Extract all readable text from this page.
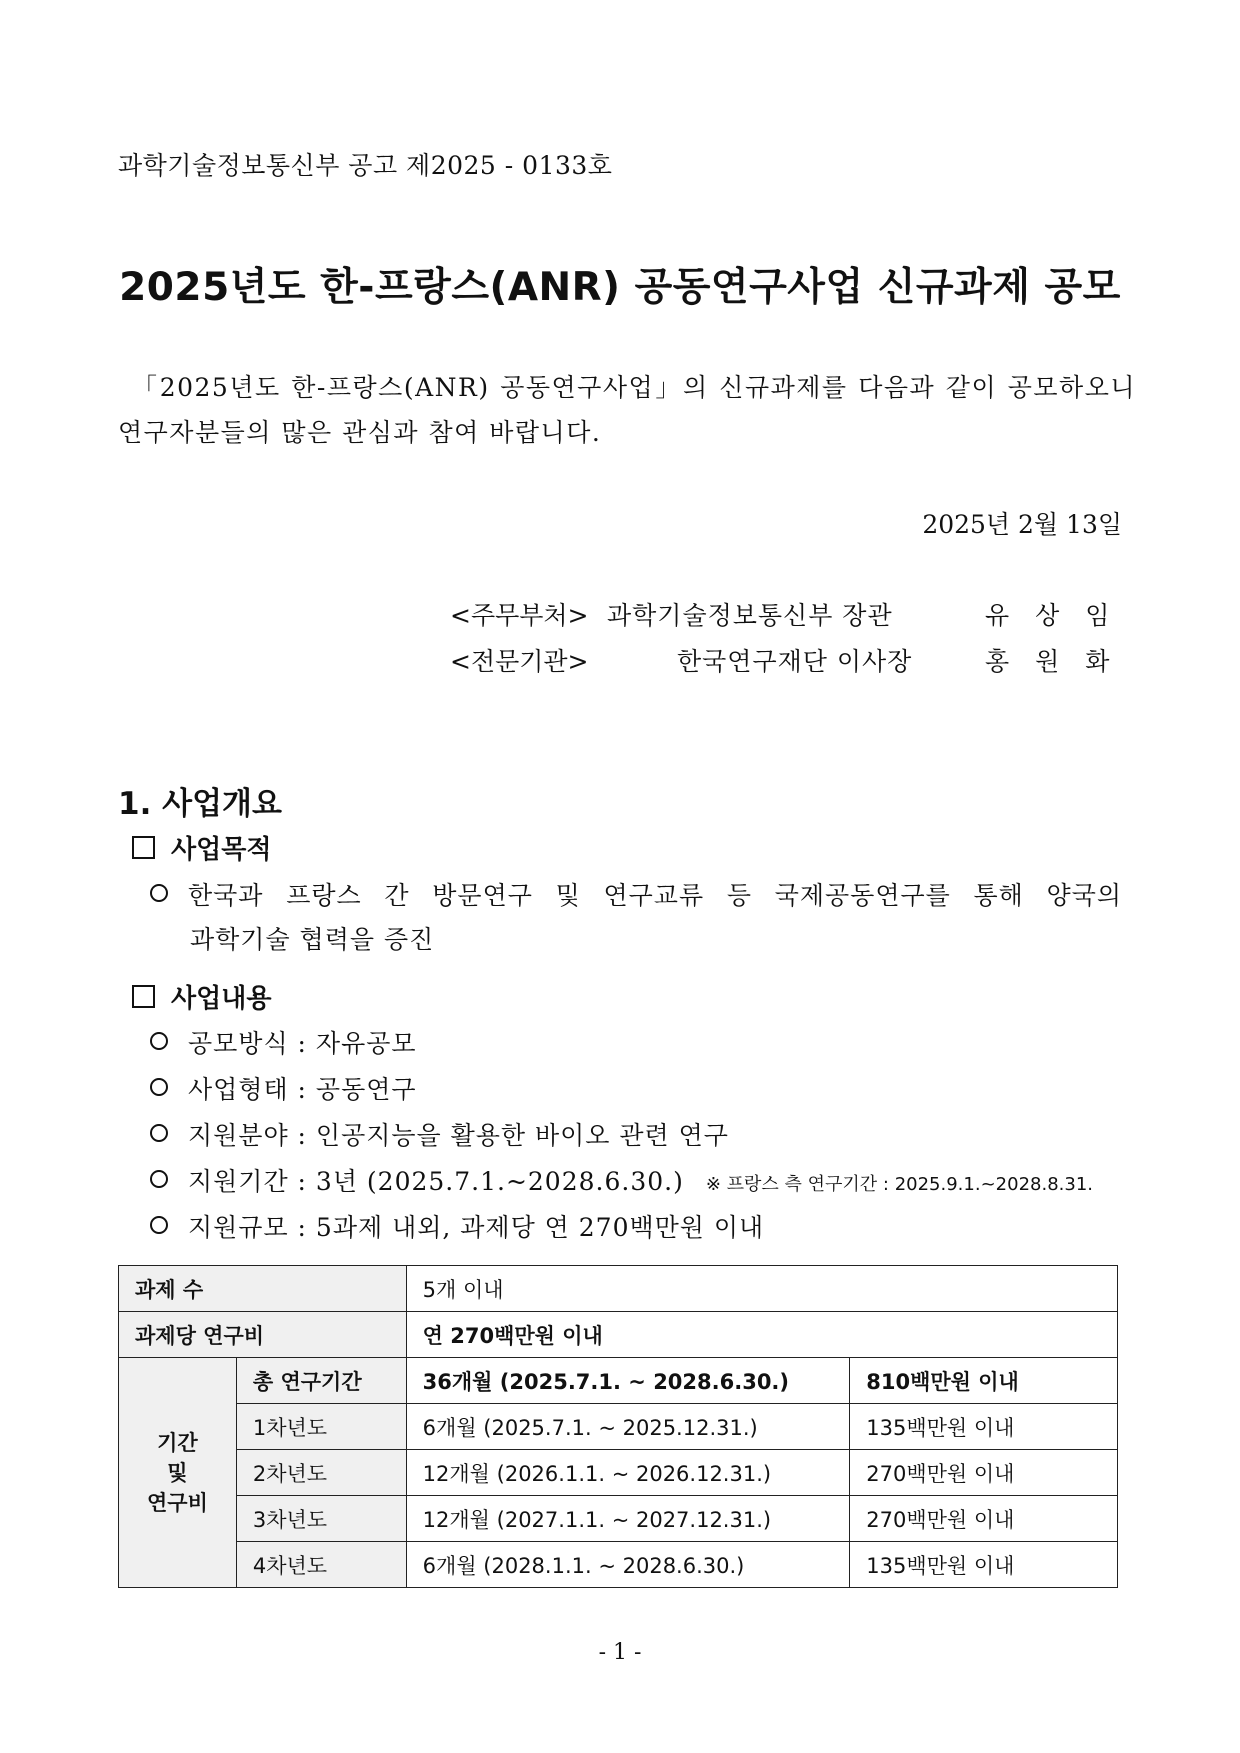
과학기술정보통신부 공고 제2025 - 0133호
2025년도 한-프랑스(ANR) 공동연구사업 신규과제 공모
「2025년도 한-프랑스(ANR) 공동연구사업」의 신규과제를 다음과 같이 공모하오니
연구자분들의 많은 관심과 참여 바랍니다.
2025년 2월 13일
<주무부처> 과학기술정보통신부 장관	유상임
<전문기관>	한국연구재단 이사장	홍원화
1. 사업개요
사업목적
한국과 프랑스 간 방문연구 및 연구교류 등 국제공동연구를 통해 양국의
과학기술 협력을 증진
사업내용
공모방식 : 자유공모
사업형태 : 공동연구
지원분야 : 인공지능을 활용한 바이오 관련 연구
지원기간 : 3년 (2025.7.1.~2028.6.30.) ※ 프랑스 측 연구기간 : 2025.9.1.~2028.8.31.
지원규모 : 5과제 내외, 과제당 연 270백만원 이내
과제 수		5개 이내	
과제당 연구비		연 270백만원 이내	

기간
및
연구비	총 연구기간	36개월 (2025.7.1. ~ 2028.6.30.)	810백만원 이내
	1차년도	6개월 (2025.7.1. ~ 2025.12.31.)	135백만원 이내
	2차년도	12개월 (2026.1.1. ~ 2026.12.31.)	270백만원 이내
	3차년도	12개월 (2027.1.1. ~ 2027.12.31.)	270백만원 이내
	4차년도	6개월 (2028.1.1. ~ 2028.6.30.)	135백만원 이내
- 1 -
